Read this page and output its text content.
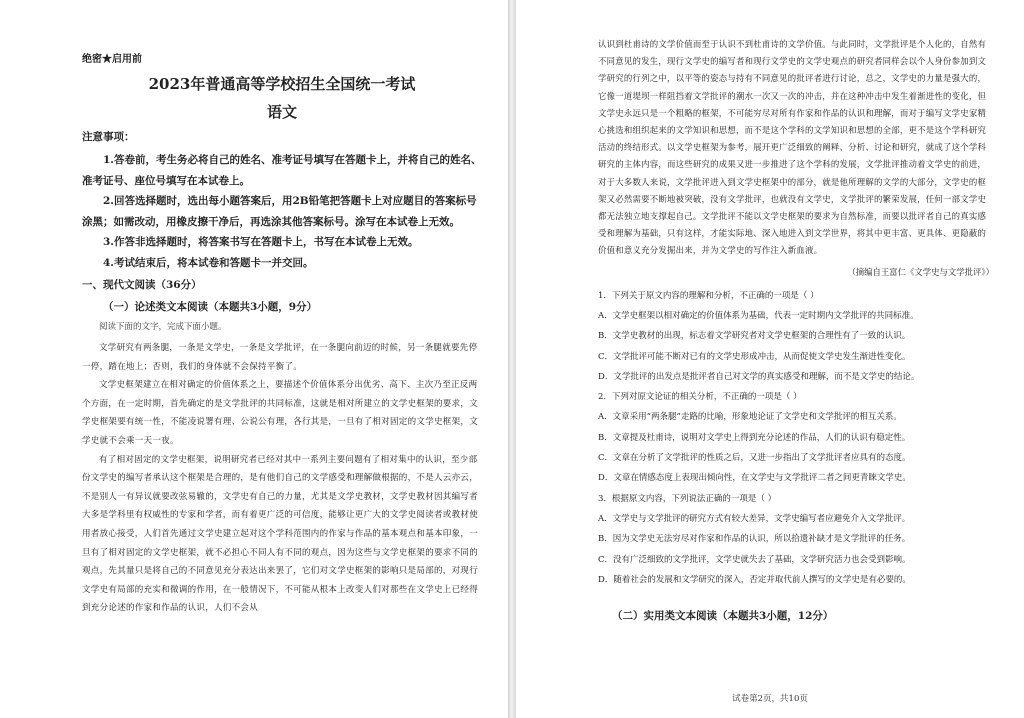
绝密★启用前
2023年普通高等学校招生全国统一考试
语文
注意事项：

1.答卷前，考生务必将自己的姓名、准考证号填写在答题卡上，并将自己的姓名、准考证号、座位号填写在本试卷上。

2.回答选择题时，选出每小题答案后，用2B铅笔把答题卡上对应题目的答案标号涂黑；如需改动，用橡皮擦干净后，再选涂其他答案标号。涂写在本试卷上无效。

3.作答非选择题时，将答案书写在答题卡上，书写在本试卷上无效。

4.考试结束后，将本试卷和答题卡一并交回。

一、现代文阅读（36分）
（一）论述类文本阅读（本题共3小题，9分）
阅读下面的文字，完成下面小题。

文学研究有两条腿，一条是文学史，一条是文学批评，在一条腿向前迈的时候，另一条腿就要先停一停，踏在地上；否则，我们的身体就不会保持平衡了。

文学史框架建立在相对确定的价值体系之上，要描述个价值体系分出优劣、高下、主次乃至正反两个方面，在一定时期，首先确定的是文学批评的共同标准，这就是相对所建立的文学史框架的要求，文学史框架要有统一性，不能凌说署有理、公说公有理，各行其是，一旦有了相对固定的文学史框架，文学史就不会乘一天一夜。

有了相对固定的文学史框架，说明研究者已经对其中一系列主要问题有了相对集中的认识，至少部份文学史的编写者承认这个框架是合理的，是有他们自己的文学感受和理解做根据的，不是人云亦云，不是别人一有异议就要改弦易辙的，文学史有自己的力量，尤其是文学史教材，文学史教材因其编写者大多是学科里有权威性的专家和学者，而有着更广泛的可信度，能够让更广大的文学史阅读者或教材使用者放心接受，人们首先通过文学史建立起对这个学科范围内的作家与作品的基本观点和基本印象，一旦有了相对固定的文学史框架，就不必担心不同人有不同的观点，因为这些与文学史框架的要求不同的观点，先其量只是将自己的不同意见充分表达出来罢了，它们对文学史框架的影响只是局部的，对现行文学史有局部的充实和微调的作用，在一般情况下，不可能从根本上改变人们对那些在文学史上已经得到充分论述的作家和作品的认识，人们不会从

认识到杜甫诗的文学价值而至于认识不到杜甫诗的文学价值。与此同时，文学批评是个人化的，自然有不同意见的发生，现行文学史的编写者和现行文学史的文学史观点的研究者同样会以个人身份参加到文学研究的行列之中，以平等的姿态与持有不同意见的批评者进行讨论，总之，文学史的力量是强大的，它像一道堤坝一样阻挡着文学批评的潮水一次又一次的冲击，并在这种冲击中发生着渐进性的变化，但文学史永远只是一个粗略的框架，不可能穷尽对所有作家和作品的认识和理解，而对于编写文学史家精心挑选和组织起来的文学知识和思想，而不是这个学科的文学知识和思想的全部，更不是这个学科研究活动的终结形式。以文学史框架为参考，展开更广泛细致的阐释、分析、讨论和研究，就成了这个学科研究的主体内容，而这些研究的成果又进一步推进了这个学科的发展，文学批评推动着文学史的前进，对于大多数人来说，文学批评进入到文学史框架中的部分，就是他所理解的文学的大部分，文学史的框架又必然需要不断地被突破，没有文学批评，也就没有文学史，文学批评的繁荣发展，任何一部文学史都无法独立地支撑起自己。文学批评不能以文学史框架的要求为自然标准，而要以批评者自己的真实感受和理解为基础，只有这样，才能实际地、深入地进入到文学世界，将其中更丰富、更具体、更隐蔽的价值和意义充分发掘出来，并为文学史的写作注入新血液。

（摘编自王富仁《文学史与文学批评》）

1．下列关于原文内容的理解和分析，不正确的一项是（ ）

A．文学史框架以相对确定的价值体系为基础，代表一定时期内文学批评的共同标准。

B．文学史教材的出现，标志着文学研究者对文学史框架的合理性有了一致的认识。

C．文学批评可能不断对已有的文学史形成冲击，从而促使文学史发生渐进性变化。

D．文学批评的出发点是批评者自己对文学的真实感受和理解，而不是文学史的结论。

2．下列对原文论证的相关分析，不正确的一项是（ ）

A．文章采用“两条腿”走路的比喻，形象地论证了文学史和文学批评的相互关系。

B．文章提及杜甫诗，说明对文学史上得到充分论述的作品，人们的认识有稳定性。

C．文章在分析了文学批评的性质之后，又进一步指出了文学批评者应具有的态度。

D．文章在情感态度上表现出倾向性，在文学史与文学批评二者之间更青睐文学史。

3．根据原文内容，下列说法正确的一项是（ ）

A．文学史与文学批评的研究方式有较大差异，文学史编写者应避免介入文学批评。

B．因为文学史无法穷尽对作家和作品的认识，所以拾遗补缺才是文学批评的任务。

C．没有广泛细致的文学批评，文学史就失去了基础，文学研究活力也会受到影响。

D．随着社会的发展和文学研究的深入，否定并取代前人撰写的文学史是有必要的。

（二）实用类文本阅读（本题共3小题，12分）
试卷第2页，共10页
